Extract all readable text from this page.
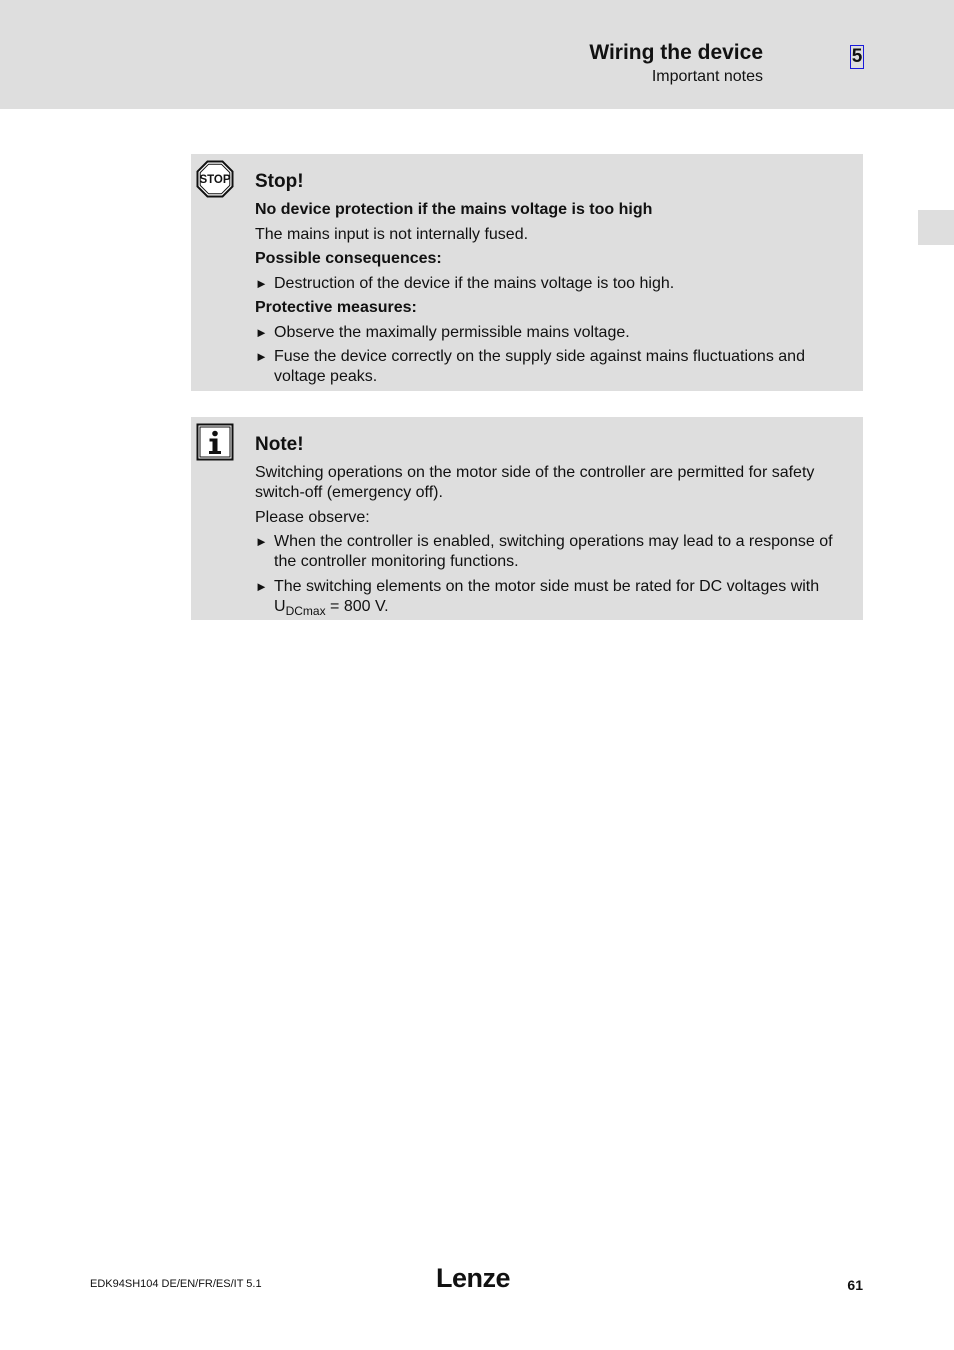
Wiring the device
Important notes
5
STOP Stop!
No device protection if the mains voltage is too high
The mains input is not internally fused.
Possible consequences:
► Destruction of the device if the mains voltage is too high.
Protective measures:
► Observe the maximally permissible mains voltage.
► Fuse the device correctly on the supply side against mains fluctuations and voltage peaks.
Note!
Switching operations on the motor side of the controller are permitted for safety switch-off (emergency off).
Please observe:
► When the controller is enabled, switching operations may lead to a response of the controller monitoring functions.
► The switching elements on the motor side must be rated for DC voltages with $U_{DCmax} = 800$ V.
EDK94SH104 DE/EN/FR/ES/IT 5.1	Lenze	61
